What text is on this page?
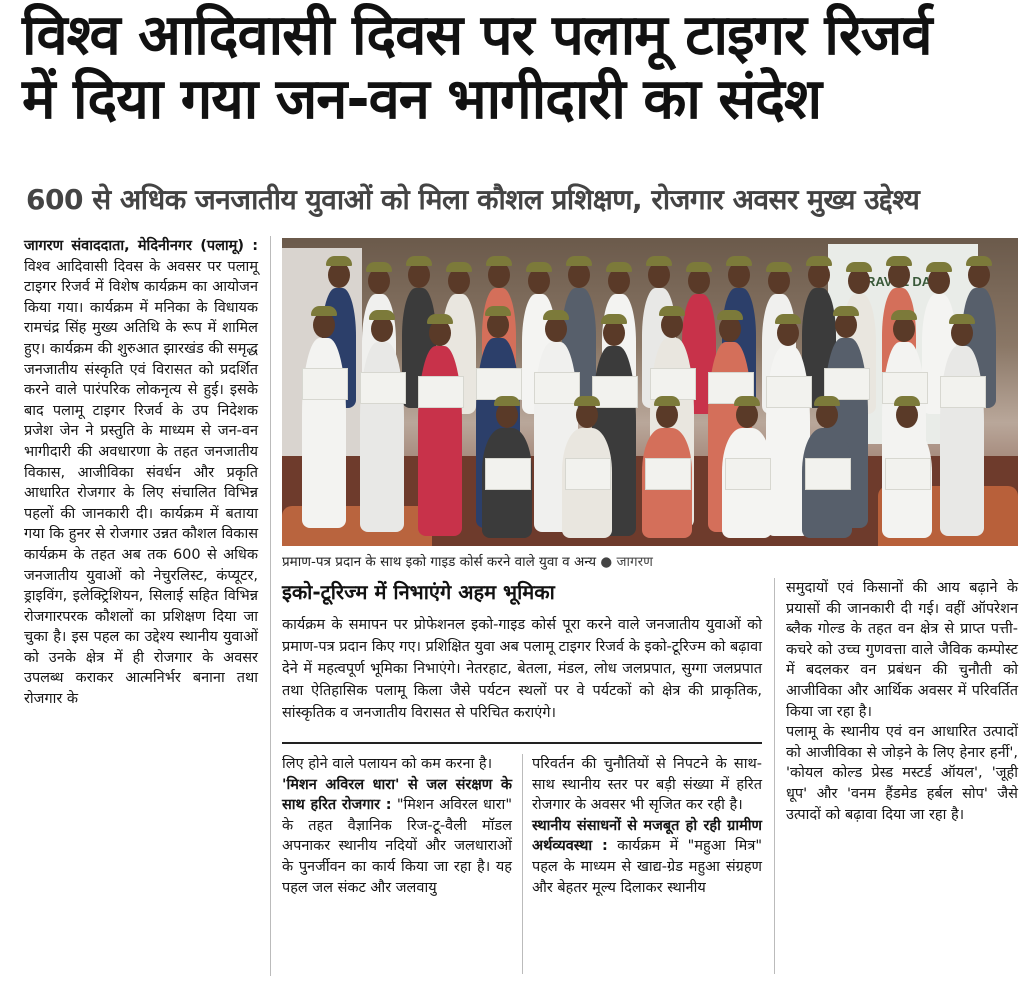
विश्व आदिवासी दिवस पर पलामू टाइगर रिजर्व
में दिया गया जन-वन भागीदारी का संदेश
600 से अधिक जनजातीय युवाओं को मिला कौशल प्रशिक्षण, रोजगार अवसर मुख्य उद्देश्य
जागरण संवाददाता, मेदिनीनगर (पलामू) : विश्व आदिवासी दिवस के अवसर पर पलामू टाइगर रिजर्व में विशेष कार्यक्रम का आयोजन किया गया। कार्यक्रम में मनिका के विधायक रामचंद्र सिंह मुख्य अतिथि के रूप में शामिल हुए। कार्यक्रम की शुरुआत झारखंड की समृद्ध जनजातीय संस्कृति एवं विरासत को प्रदर्शित करने वाले पारंपरिक लोकनृत्य से हुई। इसके बाद पलामू टाइगर रिजर्व के उप निदेशक प्रजेश जेन ने प्रस्तुति के माध्यम से जन-वन भागीदारी की अवधारणा के तहत जनजातीय विकास, आजीविका संवर्धन और प्रकृति आधारित रोजगार के लिए संचालित विभिन्न पहलों की जानकारी दी। कार्यक्रम में बताया गया कि हुनर से रोजगार उन्नत कौशल विकास कार्यक्रम के तहत अब तक 600 से अधिक जनजातीय युवाओं को नेचुरलिस्ट, कंप्यूटर, ड्राइविंग, इलेक्ट्रिशियन, सिलाई सहित विभिन्न रोजगारपरक कौशलों का प्रशिक्षण दिया जा चुका है। इस पहल का उद्देश्य स्थानीय युवाओं को उनके क्षेत्र में ही रोजगार के अवसर उपलब्ध कराकर आत्मनिर्भर बनाना तथा रोजगार के
TRAVEL DAY
प्रमाण-पत्र प्रदान के साथ इको गाइड कोर्स करने वाले युवा व अन्य ● जागरण
इको-टूरिज्म में निभाएंगे अहम भूमिका
कार्यक्रम के समापन पर प्रोफेशनल इको-गाइड कोर्स पूरा करने वाले जनजातीय युवाओं को प्रमाण-पत्र प्रदान किए गए। प्रशिक्षित युवा अब पलामू टाइगर रिजर्व के इको-टूरिज्म को बढ़ावा देने में महत्वपूर्ण भूमिका निभाएंगे। नेतरहाट, बेतला, मंडल, लोध जलप्रपात, सुग्गा जलप्रपात तथा ऐतिहासिक पलामू किला जैसे पर्यटन स्थलों पर वे पर्यटकों को क्षेत्र की प्राकृतिक, सांस्कृतिक व जनजातीय विरासत से परिचित कराएंगे।
लिए होने वाले पलायन को कम करना है।
'मिशन अविरल धारा' से जल संरक्षण के साथ हरित रोजगार : "मिशन अविरल धारा" के तहत वैज्ञानिक रिज-टू-वैली मॉडल अपनाकर स्थानीय नदियों और जलधाराओं के पुनर्जीवन का कार्य किया जा रहा है। यह पहल जल संकट और जलवायु
परिवर्तन की चुनौतियों से निपटने के साथ-साथ स्थानीय स्तर पर बड़ी संख्या में हरित रोजगार के अवसर भी सृजित कर रही है।
स्थानीय संसाधनों से मजबूत हो रही ग्रामीण अर्थव्यवस्था : कार्यक्रम में "महुआ मित्र" पहल के माध्यम से खाद्य-ग्रेड महुआ संग्रहण और बेहतर मूल्य दिलाकर स्थानीय
समुदायों एवं किसानों की आय बढ़ाने के प्रयासों की जानकारी दी गई। वहीं ऑपरेशन ब्लैक गोल्ड के तहत वन क्षेत्र से प्राप्त पत्ती-कचरे को उच्च गुणवत्ता वाले जैविक कम्पोस्ट में बदलकर वन प्रबंधन की चुनौती को आजीविका और आर्थिक अवसर में परिवर्तित किया जा रहा है।
पलामू के स्थानीय एवं वन आधारित उत्पादों को आजीविका से जोड़ने के लिए हेनार हर्नी', 'कोयल कोल्ड प्रेस्ड मस्टर्ड ऑयल', 'जूही धूप' और 'वनम हैंडमेड हर्बल सोप' जैसे उत्पादों को बढ़ावा दिया जा रहा है।
